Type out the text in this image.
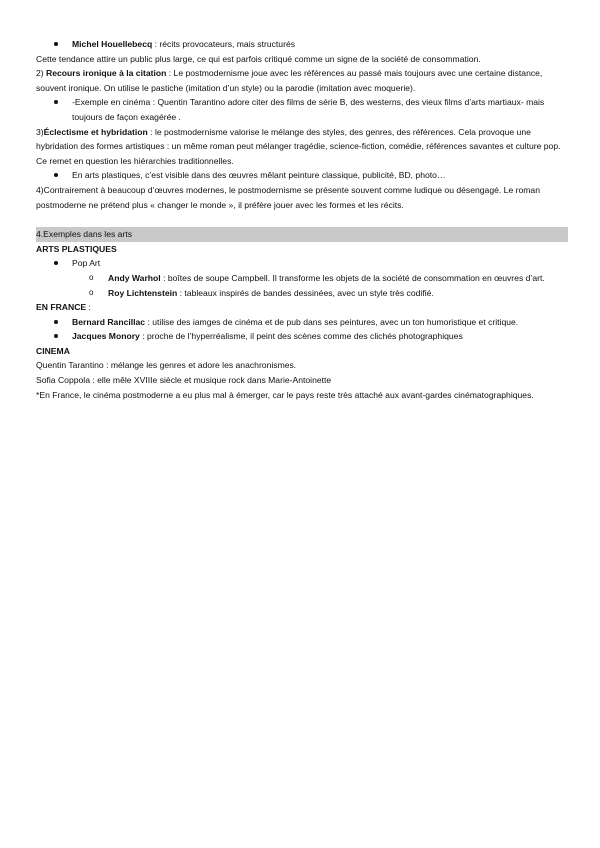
Michel Houellebecq : récits provocateurs, mais structurés

Cette tendance attire un public plus large, ce qui est parfois critiqué comme un signe de la société de consommation.

2) Recours ironique à la citation : Le postmodernisme joue avec les références au passé mais toujours avec une certaine distance, souvent ironique. On utilise le pastiche (imitation d’un style) ou la parodie (imitation avec moquerie).

-Exemple en cinéma : Quentin Tarantino adore citer des films de série B, des westerns, des vieux films d’arts martiaux- mais toujours de façon exagérée .

3)Éclectisme et hybridation : le postmodernisme valorise le mélange des styles, des genres, des références. Cela provoque une hybridation des formes artistiques : un même roman peut mélanger tragédie, science-fiction, comédie, références savantes et culture pop. Ce remet en question les hiérarchies traditionnelles.

En arts plastiques, c’est visible dans des œuvres mêlant peinture classique, publicité, BD, photo…

4)Contrairement à beaucoup d’œuvres modernes, le postmodernisme se présente souvent comme ludique ou désengagé. Le roman postmoderne ne prétend plus « changer le monde », il préfère jouer avec les formes et les récits.

4.Exemples dans les arts

ARTS PLASTIQUES

Pop Art

o Andy Warhol : boîtes de soupe Campbell. Il transforme les objets de la société de consommation en œuvres d’art.

o Roy Lichtenstein : tableaux inspirés de bandes dessinées, avec un style très codifié.

EN FRANCE :

Bernard Rancillac : utilise des iamges de cinéma et de pub dans ses peintures, avec un ton humoristique et critique.

Jacques Monory : proche de l’hyperréalisme, il peint des scènes comme des clichés photographiques

CINEMA

Quentin Tarantino : mélange les genres et adore les anachronismes.

Sofia Coppola : elle mêle XVIIIe siècle et musique rock dans Marie-Antoinette

*En France, le cinéma postmoderne a eu plus mal à émerger, car le pays reste très attaché aux avant-gardes cinématographiques.
